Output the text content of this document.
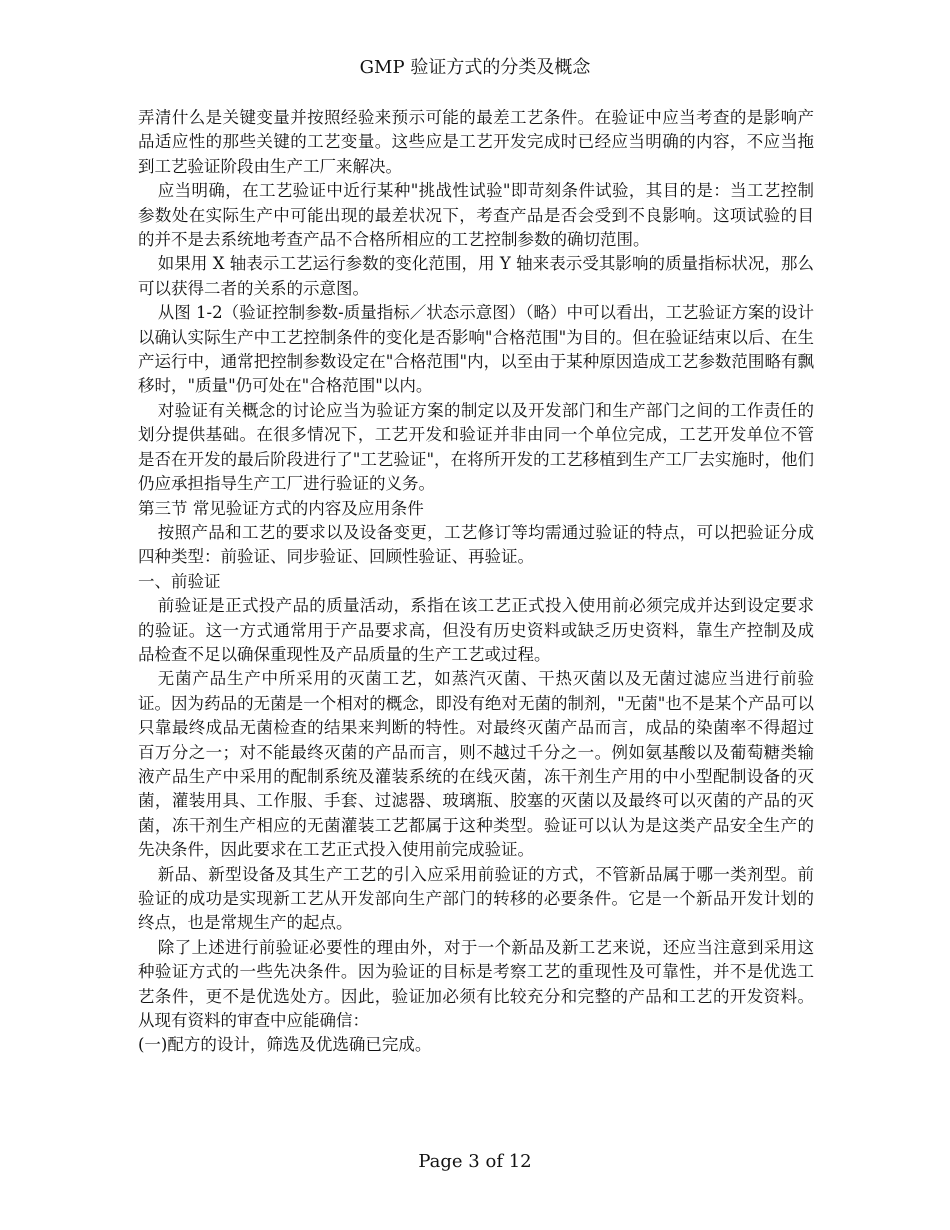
GMP 验证方式的分类及概念

弄清什么是关键变量并按照经验来预示可能的最差工艺条件。在验证中应当考查的是影响产品适应性的那些关键的工艺变量。这些应是工艺开发完成时已经应当明确的内容，不应当拖到工艺验证阶段由生产工厂来解决。

应当明确，在工艺验证中近行某种"挑战性试验"即苛刻条件试验，其目的是：当工艺控制参数处在实际生产中可能出现的最差状况下，考查产品是否会受到不良影响。这项试验的目的并不是去系统地考查产品不合格所相应的工艺控制参数的确切范围。

如果用 X 轴表示工艺运行参数的变化范围，用 Y 轴来表示受其影响的质量指标状况，那么可以获得二者的关系的示意图。

从图 1-2（验证控制参数-质量指标／状态示意图）（略）中可以看出，工艺验证方案的设计以确认实际生产中工艺控制条件的变化是否影响"合格范围"为目的。但在验证结束以后、在生产运行中，通常把控制参数设定在"合格范围"内，以至由于某种原因造成工艺参数范围略有飘移时，"质量"仍可处在"合格范围"以内。

对验证有关概念的讨论应当为验证方案的制定以及开发部门和生产部门之间的工作责任的划分提供基础。在很多情况下，工艺开发和验证并非由同一个单位完成，工艺开发单位不管是否在开发的最后阶段进行了"工艺验证"，在将所开发的工艺移植到生产工厂去实施时，他们仍应承担指导生产工厂进行验证的义务。

第三节 常见验证方式的内容及应用条件

按照产品和工艺的要求以及设备变更，工艺修订等均需通过验证的特点，可以把验证分成四种类型：前验证、同步验证、回顾性验证、再验证。

一、前验证

前验证是正式投产品的质量活动，系指在该工艺正式投入使用前必须完成并达到设定要求的验证。这一方式通常用于产品要求高，但没有历史资料或缺乏历史资料，靠生产控制及成品检查不足以确保重现性及产品质量的生产工艺或过程。

无菌产品生产中所采用的灭菌工艺，如蒸汽灭菌、干热灭菌以及无菌过滤应当进行前验证。因为药品的无菌是一个相对的概念，即没有绝对无菌的制剂，"无菌"也不是某个产品可以只靠最终成品无菌检查的结果来判断的特性。对最终灭菌产品而言，成品的染菌率不得超过百万分之一；对不能最终灭菌的产品而言，则不越过千分之一。例如氨基酸以及葡萄糖类输液产品生产中采用的配制系统及灌装系统的在线灭菌，冻干剂生产用的中小型配制设备的灭菌，灌装用具、工作服、手套、过滤器、玻璃瓶、胶塞的灭菌以及最终可以灭菌的产品的灭菌，冻干剂生产相应的无菌灌装工艺都属于这种类型。验证可以认为是这类产品安全生产的先决条件，因此要求在工艺正式投入使用前完成验证。

新品、新型设备及其生产工艺的引入应采用前验证的方式，不管新品属于哪一类剂型。前验证的成功是实现新工艺从开发部向生产部门的转移的必要条件。它是一个新品开发计划的终点，也是常规生产的起点。

除了上述进行前验证必要性的理由外，对于一个新品及新工艺来说，还应当注意到采用这种验证方式的一些先决条件。因为验证的目标是考察工艺的重现性及可靠性，并不是优选工艺条件，更不是优选处方。因此，验证加必须有比较充分和完整的产品和工艺的开发资料。从现有资料的审查中应能确信：

(一)配方的设计，筛选及优选确已完成。

Page 3 of 12
